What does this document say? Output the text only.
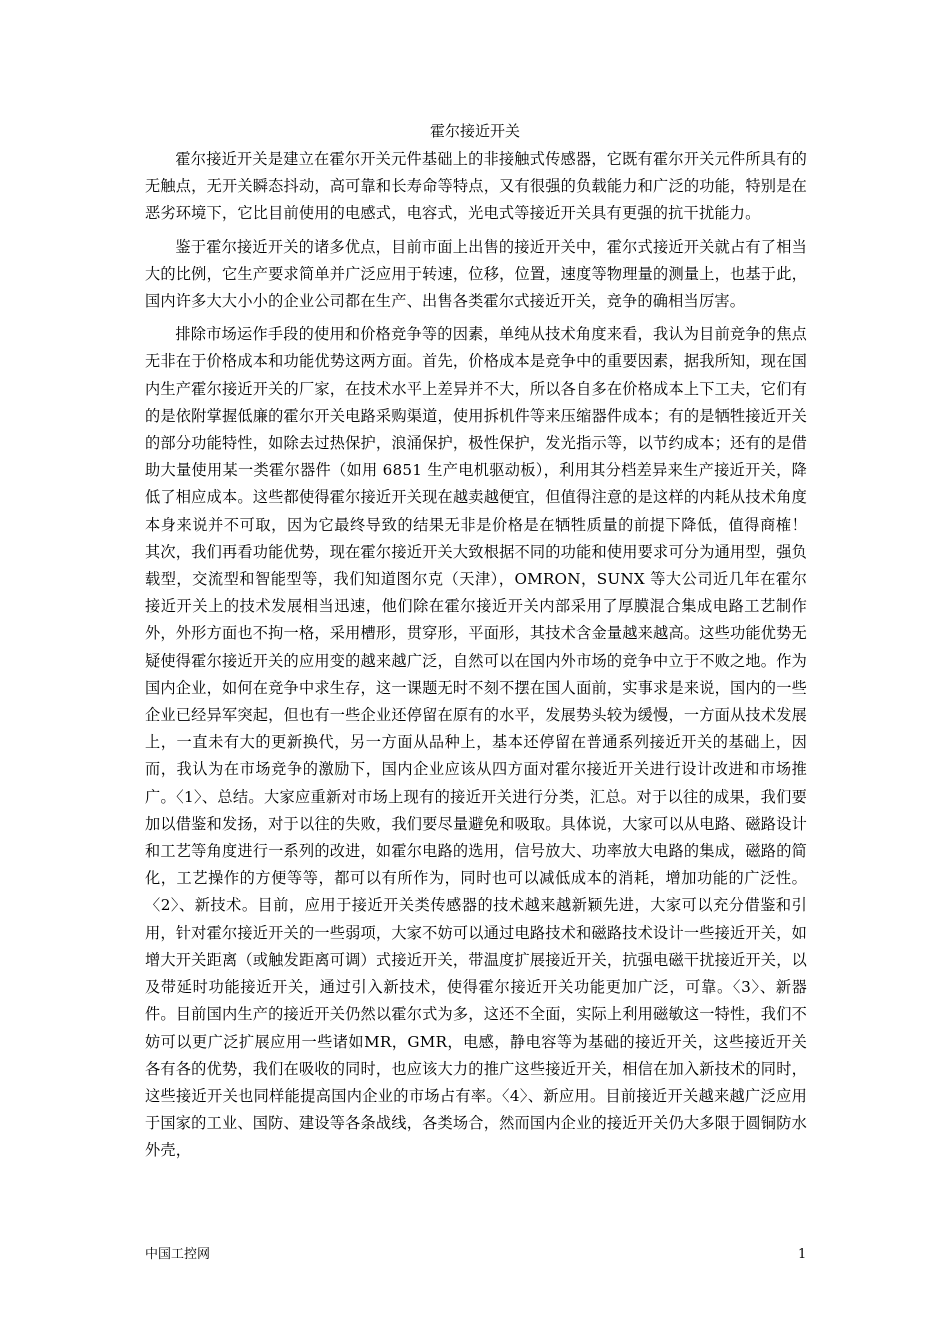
霍尔接近开关

霍尔接近开关是建立在霍尔开关元件基础上的非接触式传感器，它既有霍尔开关元件所具有的无触点，无开关瞬态抖动，高可靠和长寿命等特点，又有很强的负载能力和广泛的功能，特别是在恶劣环境下，它比目前使用的电感式，电容式，光电式等接近开关具有更强的抗干扰能力。

鉴于霍尔接近开关的诸多优点，目前市面上出售的接近开关中，霍尔式接近开关就占有了相当大的比例，它生产要求简单并广泛应用于转速，位移，位置，速度等物理量的测量上，也基于此，国内许多大大小小的企业公司都在生产、出售各类霍尔式接近开关，竞争的确相当厉害。

排除市场运作手段的使用和价格竞争等的因素，单纯从技术角度来看，我认为目前竞争的焦点无非在于价格成本和功能优势这两方面。首先，价格成本是竞争中的重要因素，据我所知，现在国内生产霍尔接近开关的厂家，在技术水平上差异并不大，所以各自多在价格成本上下工夫，它们有的是依附掌握低廉的霍尔开关电路采购渠道，使用拆机件等来压缩器件成本；有的是牺牲接近开关的部分功能特性，如除去过热保护，浪涌保护，极性保护，发光指示等，以节约成本；还有的是借助大量使用某一类霍尔器件（如用 6851 生产电机驱动板），利用其分档差异来生产接近开关，降低了相应成本。这些都使得霍尔接近开关现在越卖越便宜，但值得注意的是这样的内耗从技术角度本身来说并不可取，因为它最终导致的结果无非是价格是在牺牲质量的前提下降低，值得商榷！ 其次，我们再看功能优势，现在霍尔接近开关大致根据不同的功能和使用要求可分为通用型，强负载型，交流型和智能型等，我们知道图尔克（天津），OMRON，SUNX 等大公司近几年在霍尔接近开关上的技术发展相当迅速，他们除在霍尔接近开关内部采用了厚膜混合集成电路工艺制作外，外形方面也不拘一格，采用槽形，贯穿形，平面形，其技术含金量越来越高。这些功能优势无疑使得霍尔接近开关的应用变的越来越广泛，自然可以在国内外市场的竞争中立于不败之地。作为国内企业，如何在竞争中求生存，这一课题无时不刻不摆在国人面前，实事求是来说，国内的一些企业已经异军突起，但也有一些企业还停留在原有的水平，发展势头较为缓慢，一方面从技术发展上，一直未有大的更新换代，另一方面从品种上，基本还停留在普通系列接近开关的基础上，因而，我认为在市场竞争的激励下，国内企业应该从四方面对霍尔接近开关进行设计改进和市场推广。〈1〉、总结。大家应重新对市场上现有的接近开关进行分类，汇总。对于以往的成果，我们要加以借鉴和发扬，对于以往的失败，我们要尽量避免和吸取。具体说，大家可以从电路、磁路设计和工艺等角度进行一系列的改进，如霍尔电路的选用，信号放大、功率放大电路的集成，磁路的简化，工艺操作的方便等等，都可以有所作为，同时也可以减低成本的消耗，增加功能的广泛性。〈2〉、新技术。目前，应用于接近开关类传感器的技术越来越新颖先进，大家可以充分借鉴和引用，针对霍尔接近开关的一些弱项，大家不妨可以通过电路技术和磁路技术设计一些接近开关，如增大开关距离（或触发距离可调）式接近开关，带温度扩展接近开关，抗强电磁干扰接近开关，以及带延时功能接近开关，通过引入新技术，使得霍尔接近开关功能更加广泛，可靠。〈3〉、新器件。目前国内生产的接近开关仍然以霍尔式为多，这还不全面，实际上利用磁敏这一特性，我们不妨可以更广泛扩展应用一些诸如MR，GMR，电感，静电容等为基础的接近开关，这些接近开关各有各的优势，我们在吸收的同时，也应该大力的推广这些接近开关，相信在加入新技术的同时，这些接近开关也同样能提高国内企业的市场占有率。〈4〉、新应用。目前接近开关越来越广泛应用于国家的工业、国防、建设等各条战线，各类场合，然而国内企业的接近开关仍大多限于圆铜防水外壳，

中国工控网	1
